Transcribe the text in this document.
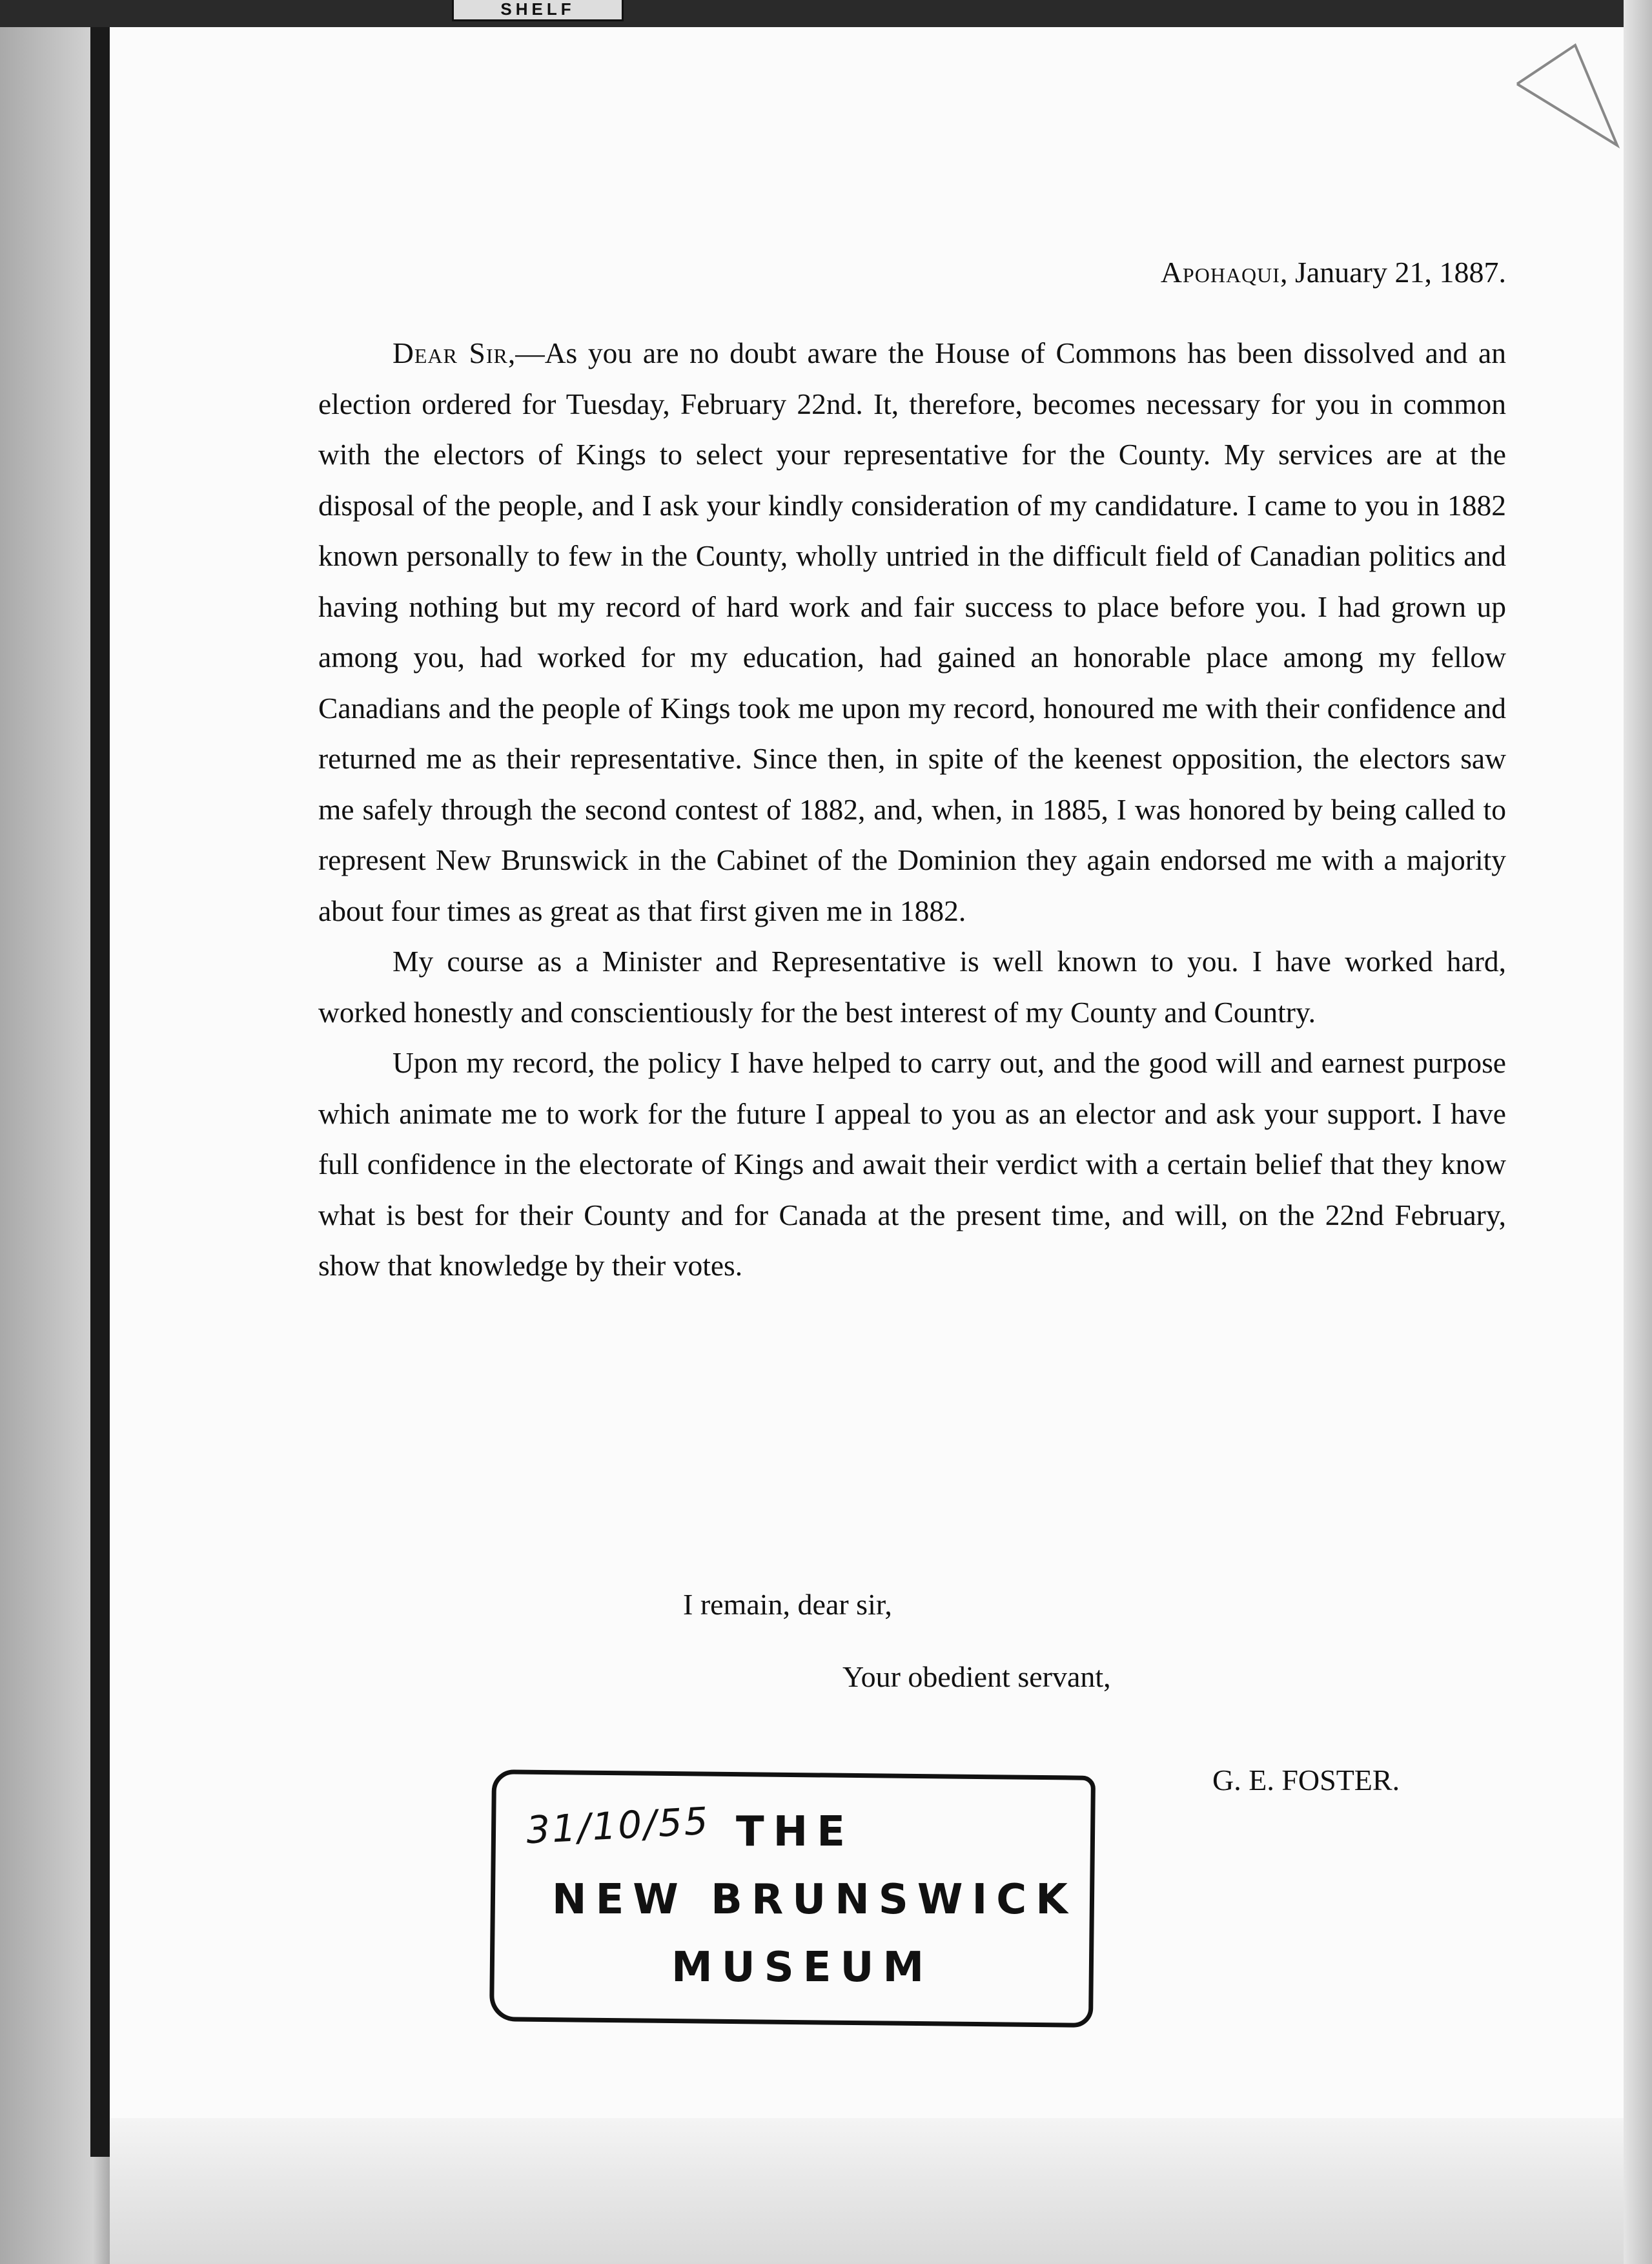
SHELF
Apohaqui, January 21, 1887.

Dear Sir,—As you are no doubt aware the House of Commons has been dissolved and an election ordered for Tuesday, February 22nd. It, therefore, becomes necessary for you in common with the electors of Kings to select your representative for the County. My services are at the disposal of the people, and I ask your kindly consideration of my candidature. I came to you in 1882 known personally to few in the County, wholly untried in the difficult field of Canadian politics and having nothing but my record of hard work and fair success to place before you. I had grown up among you, had worked for my education, had gained an honorable place among my fellow Canadians and the people of Kings took me upon my record, honoured me with their confidence and returned me as their representative. Since then, in spite of the keenest opposition, the electors saw me safely through the second contest of 1882, and, when, in 1885, I was honored by being called to represent New Brunswick in the Cabinet of the Dominion they again endorsed me with a majority about four times as great as that first given me in 1882.

My course as a Minister and Representative is well known to you. I have worked hard, worked honestly and conscientiously for the best interest of my County and Country.

Upon my record, the policy I have helped to carry out, and the good will and earnest purpose which animate me to work for the future I appeal to you as an elector and ask your support. I have full confidence in the electorate of Kings and await their verdict with a certain belief that they know what is best for their County and for Canada at the present time, and will, on the 22nd February, show that knowledge by their votes.

I remain, dear sir,
Your obedient servant,
G. E. FOSTER.
31/10/55 THE
NEW BRUNSWICK
MUSEUM
